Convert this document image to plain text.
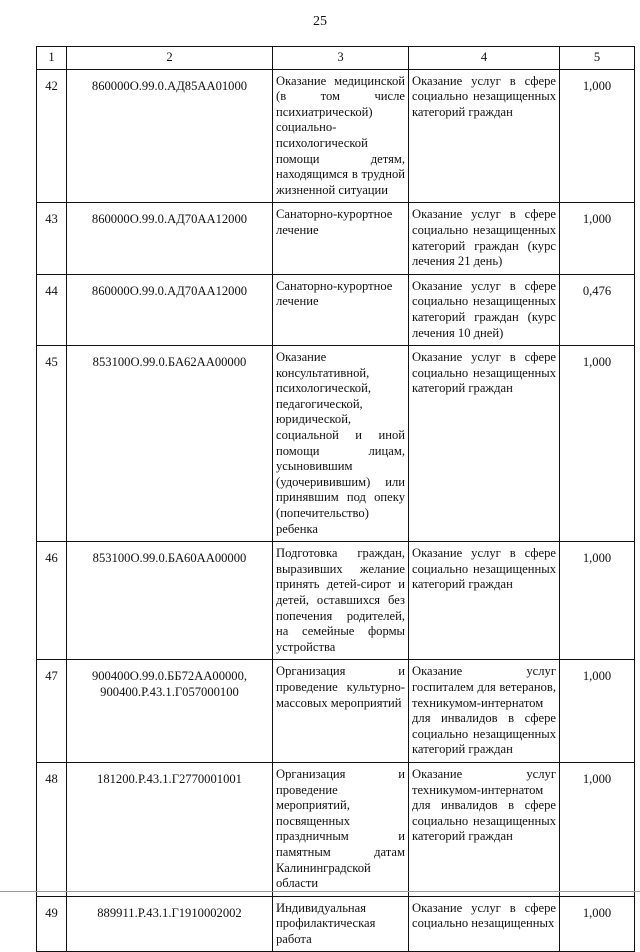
25
1	2	3	4	5
42	860000О.99.0.АД85АА01000	Оказание медицинской (в том числе психиатрической) социально-психологической помощи детям, находящимся в трудной жизненной ситуации	Оказание услуг в сфере социально незащищенных категорий граждан	1,000
43	860000О.99.0.АД70АА12000	Санаторно-курортное лечение	Оказание услуг в сфере социально незащищенных категорий граждан (курс лечения 21 день)	1,000
44	860000О.99.0.АД70АА12000	Санаторно-курортное лечение	Оказание услуг в сфере социально незащищенных категорий граждан (курс лечения 10 дней)	0,476
45	853100О.99.0.БА62АА00000	Оказание консультативной, психологической, педагогической, юридической, социальной и иной помощи лицам, усыновившим (удочеривившим) или принявшим под опеку (попечительство) ребенка	Оказание услуг в сфере социально незащищенных категорий граждан	1,000
46	853100О.99.0.БА60АА00000	Подготовка граждан, выразивших желание принять детей-сирот и детей, оставшихся без попечения родителей, на семейные формы устройства	Оказание услуг в сфере социально незащищенных категорий граждан	1,000
47	900400О.99.0.ББ72АА00000, 900400.Р.43.1.Г057000100	Организация и проведение культурно-массовых мероприятий	Оказание услуг госпиталем для ветеранов, техникумом-интернатом для инвалидов в сфере социально незащищенных категорий граждан	1,000
48	181200.Р.43.1.Г2770001001	Организация и проведение мероприятий, посвященных праздничным и памятным датам Калининградской области	Оказание услуг техникумом-интернатом для инвалидов в сфере социально незащищенных категорий граждан	1,000
49	889911.Р.43.1.Г1910002002	Индивидуальная профилактическая работа	Оказание услуг в сфере социально незащищенных	1,000
